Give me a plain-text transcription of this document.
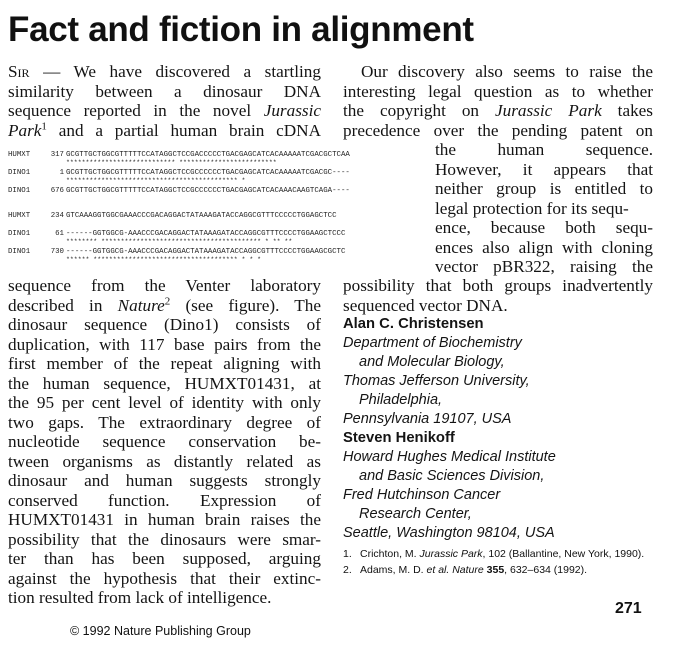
Fact and fiction in alignment

Sir — We have discovered a startling

similarity between a dinosaur DNA

sequence reported in the novel Jurassic

Park$^1$ and a partial human brain cDNA

HUMXT	317 GCGTTGCTGGCGTTTTTCCATAGGCTCCGACCCCCTGACGAGCATCACAAAAATCGACGCTCAA
**************************** *************************
DINO1	1 GCGTTGCTGGCGTTTTTCCATAGGCTCCGCCCCCCTGACGAGCATCACAAAAATCGACGC----
******************************************** *
DINO1	676 GCGTTGCTGGCGTTTTTCCATAGGCTCCGCCCCCCTGACGAGCATCACAAACAAGTCAGA----
HUMXT	234 GTCAAAGGTGGCGAAACCCGACAGGACTATAAAGATACCAGGCGTTTCCCCCTGGAGCTCC
DINO1	61 ------GGTGGCG-AAACCCGACAGGACTATAAAGATACCAGGCGTTTCCCCTGGAAGCTCCC
******** ***************************************** * ** **
DINO1	730 ------GGTGGCG-AAACCCGACAGGACTATAAAGATACCAGGCGTTTCCCCTGGAAGCGCTC
****** ************************************* * * *

sequence from the Venter laboratory

described in Nature$^2$ (see figure). The

dinosaur sequence (Dino1) consists of

duplication, with 117 base pairs from the

first member of the repeat aligning with

the human sequence, HUMXT01431, at

the 95 per cent level of identity with only

two gaps. The extraordinary degree of

nucleotide sequence conservation be-

tween organisms as distantly related as

dinosaur and human suggests strongly

conserved function. Expression of

HUMXT01431 in human brain raises the

possibility that the dinosaurs were smar-

ter than has been supposed, arguing

against the hypothesis that their extinc-

tion resulted from lack of intelligence.

Our discovery also seems to raise the

interesting legal question as to whether

the copyright on Jurassic Park takes

precedence over the pending patent on

the human sequence.

However, it appears that

neither group is entitled to

legal protection for its sequ-

ence, because both sequ-

ences also align with cloning

vector pBR322, raising the

possibility that both groups inadvertently

sequenced vector DNA.

Alan C. Christensen
Department of Biochemistry
and Molecular Biology,
Thomas Jefferson University,
Philadelphia,
Pennsylvania 19107, USA
Steven Henikoff
Howard Hughes Medical Institute
and Basic Sciences Division,
Fred Hutchinson Cancer
Research Center,
Seattle, Washington 98104, USA
1. Crichton, M. Jurassic Park, 102 (Ballantine, New York, 1990).
2. Adams, M. D. et al. Nature 355, 632–634 (1992).
271
© 1992 Nature Publishing Group
